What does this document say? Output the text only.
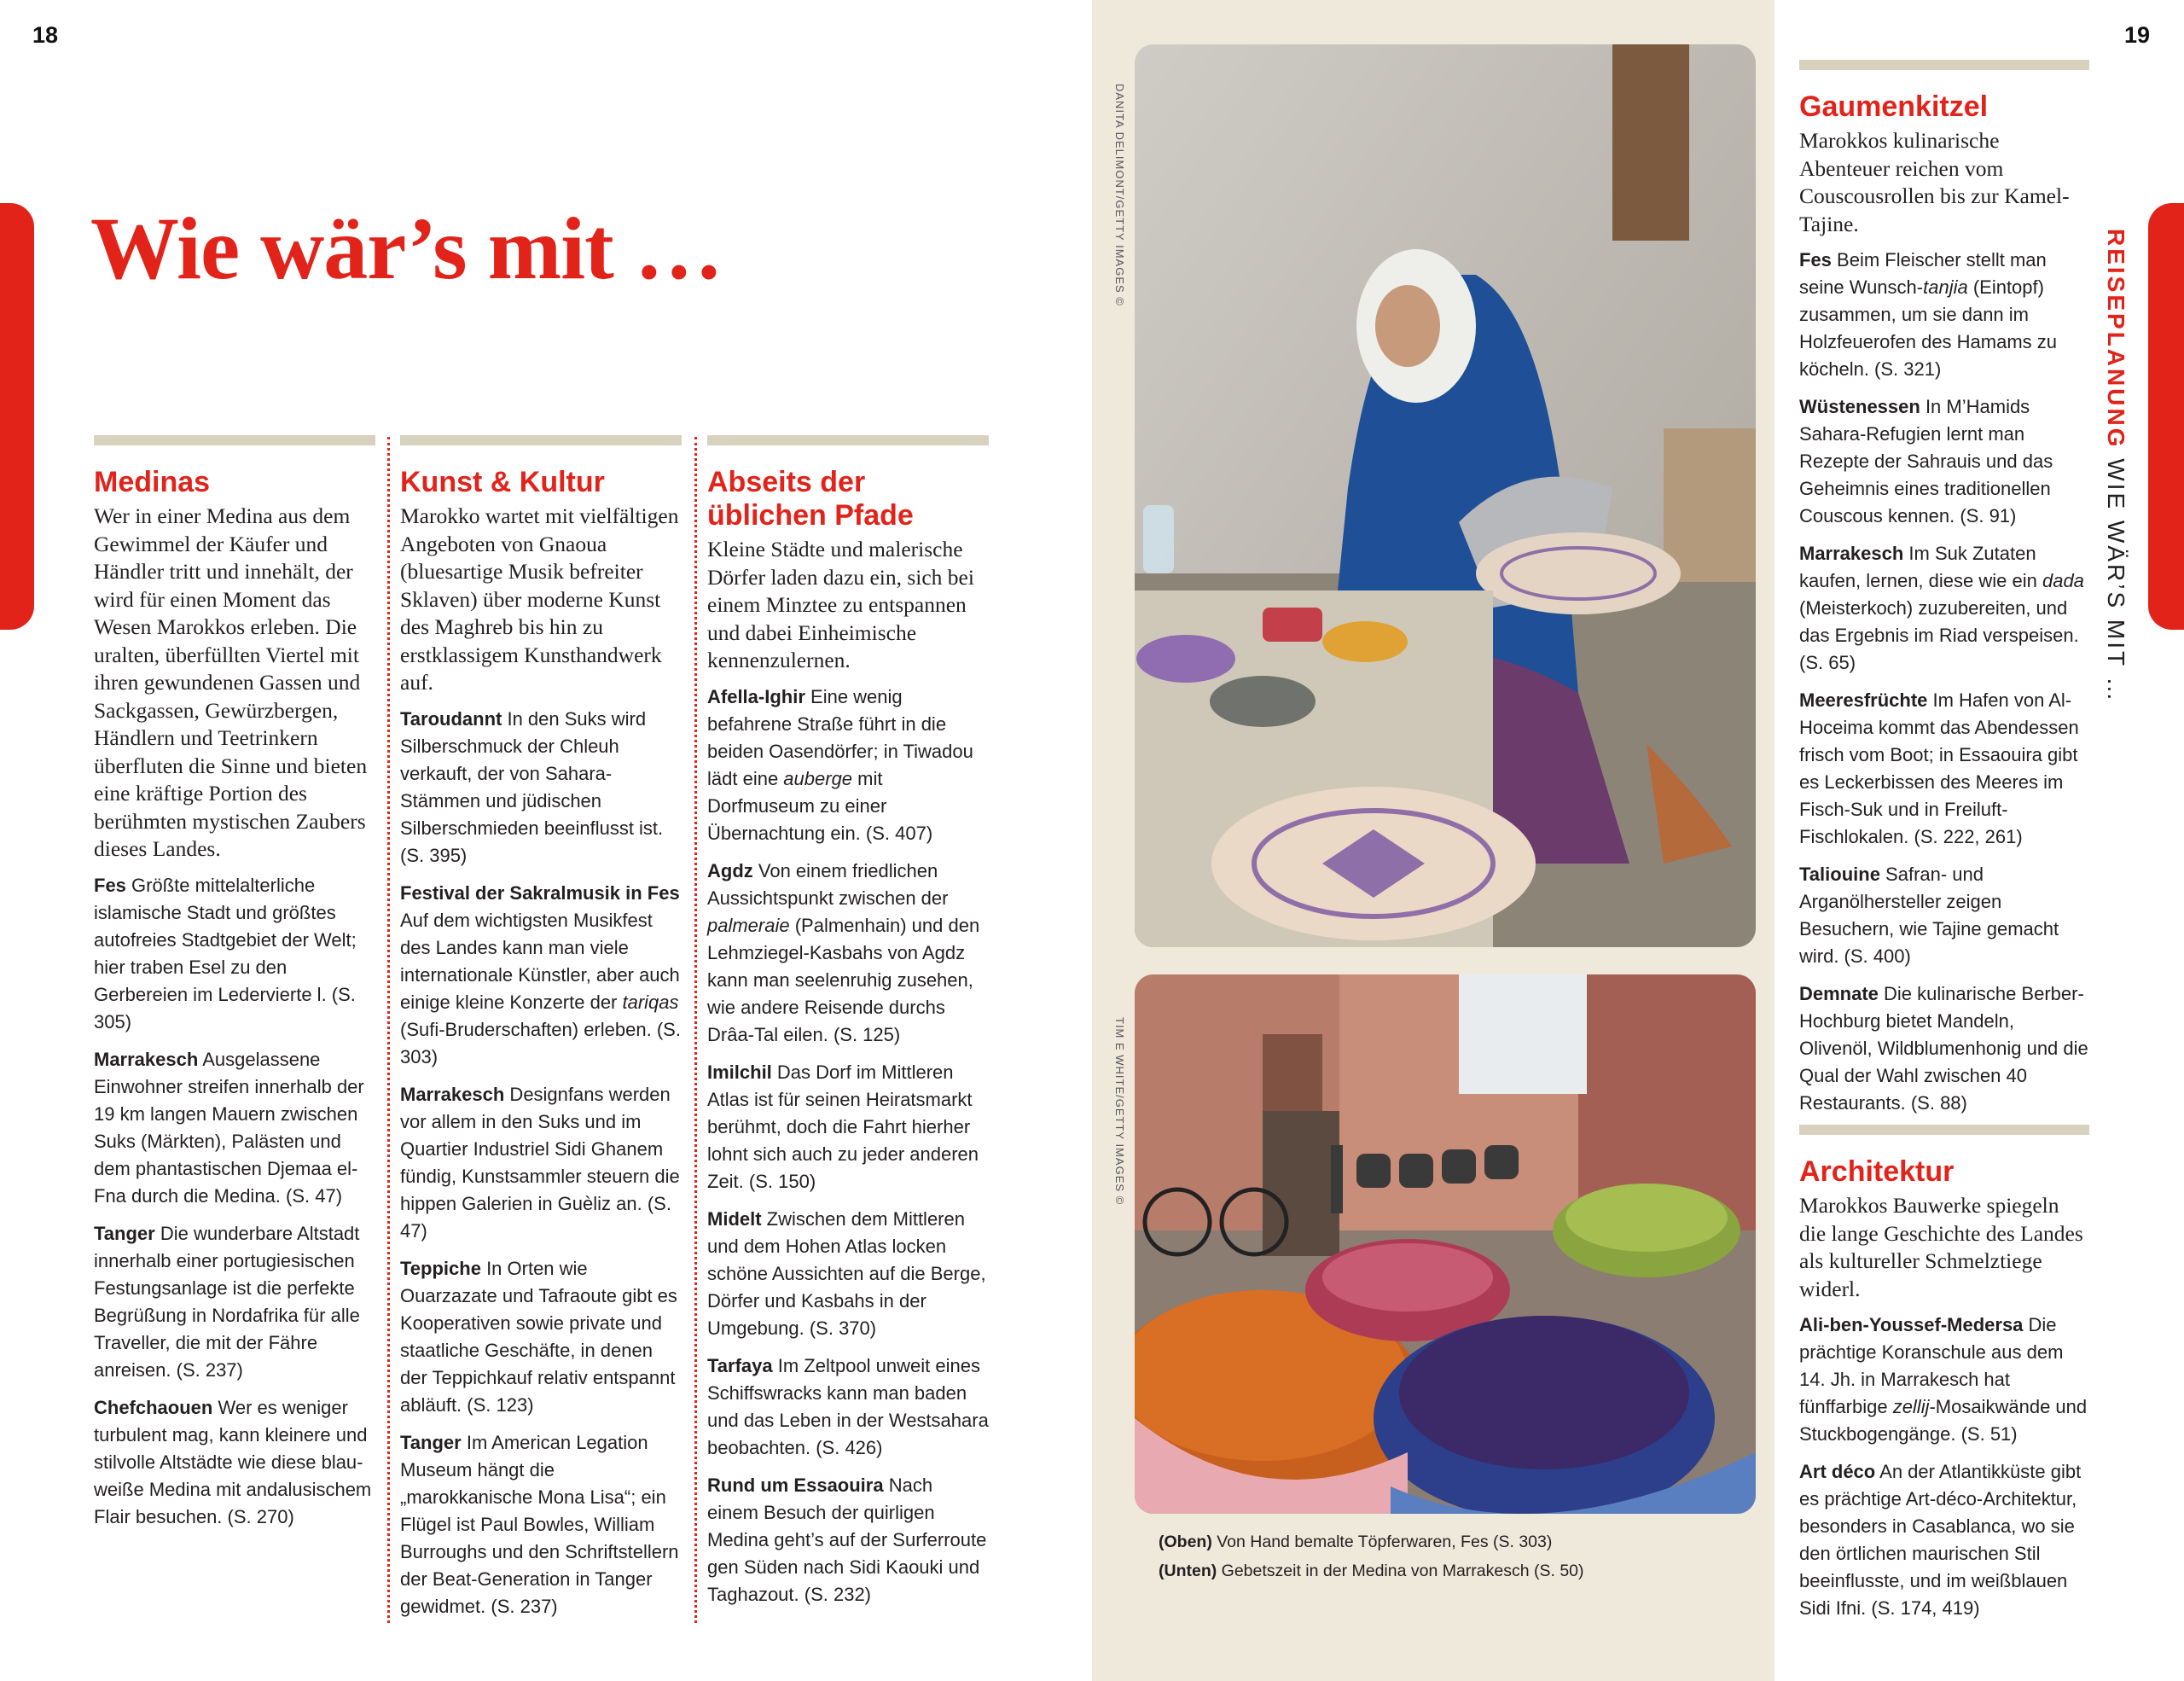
18	19
REISEPLANUNG WIE WÄR’S MIT …
Wie wär’s mit …
Medinas

Wer in einer Medina aus dem Gewimmel der Käufer und Händler tritt und innehält, der wird für einen Moment das Wesen Marokkos erleben. Die uralten, überfüllten Viertel mit ihren gewundenen Gassen und Sackgassen, Gewürzbergen, Händlern und Teetrinkern überfluten die Sinne und bieten eine kräftige Portion des berühmten mystischen Zaubers dieses Landes.

Fes Größte mittelalterliche islamische Stadt und größtes autofreies Stadtgebiet der Welt; hier traben Esel zu den Gerbereien im Ledervierte l. (S. 305)

Marrakesch Ausgelassene Einwohner streifen innerhalb der 19 km langen Mauern zwischen Suks (Märkten), Palästen und dem phantastischen Djemaa el-Fna durch die Medina. (S. 47)

Tanger Die wunderbare Altstadt innerhalb einer portugiesischen Festungsanlage ist die perfekte Begrüßung in Nordafrika für alle Traveller, die mit der Fähre anreisen. (S. 237)

Chefchaouen Wer es weniger turbulent mag, kann kleinere und stilvolle Altstädte wie diese blau-weiße Medina mit andalusischem Flair besuchen. (S. 270)

Kunst & Kultur

Marokko wartet mit vielfältigen Angeboten von Gnaoua (bluesartige Musik befreiter Sklaven) über moderne Kunst des Maghreb bis hin zu erstklassigem Kunsthandwerk auf.

Taroudannt In den Suks wird Silberschmuck der Chleuh verkauft, der von Sahara-Stämmen und jüdischen Silberschmieden beeinflusst ist. (S. 395)

Festival der Sakralmusik in Fes Auf dem wichtigsten Musikfest des Landes kann man viele internationale Künstler, aber auch einige kleine Konzerte der tariqas (Sufi-Bruderschaften) erleben. (S. 303)

Marrakesch Designfans werden vor allem in den Suks und im Quartier Industriel Sidi Ghanem fündig, Kunstsammler steuern die hippen Galerien in Guèliz an. (S. 47)

Teppiche In Orten wie Ouarzazate und Tafraoute gibt es Kooperativen sowie private und staatliche Geschäfte, in denen der Teppichkauf relativ entspannt abläuft. (S. 123)

Tanger Im American Legation Museum hängt die „marokkanische Mona Lisa“; ein Flügel ist Paul Bowles, William Burroughs und den Schriftstellern der Beat-Generation in Tanger gewidmet. (S. 237)

Abseits der üblichen Pfade

Kleine Städte und malerische Dörfer laden dazu ein, sich bei einem Minztee zu entspannen und dabei Einheimische kennenzulernen.

Afella-Ighir Eine wenig befahrene Straße führt in die beiden Oasendörfer; in Tiwadou lädt eine auberge mit Dorfmuseum zu einer Übernachtung ein. (S. 407)

Agdz Von einem friedlichen Aussichtspunkt zwischen der palmeraie (Palmenhain) und den Lehmziegel-Kasbahs von Agdz kann man seelenruhig zusehen, wie andere Reisende durchs Drâa-Tal eilen. (S. 125)

Imilchil Das Dorf im Mittleren Atlas ist für seinen Heiratsmarkt berühmt, doch die Fahrt hierher lohnt sich auch zu jeder anderen Zeit. (S. 150)

Midelt Zwischen dem Mittleren und dem Hohen Atlas locken schöne Aussichten auf die Berge, Dörfer und Kasbahs in der Umgebung. (S. 370)

Tarfaya Im Zeltpool unweit eines Schiffswracks kann man baden und das Leben in der Westsahara beobachten. (S. 426)

Rund um Essaouira Nach einem Besuch der quirligen Medina geht’s auf der Surferroute gen Süden nach Sidi Kaouki und Taghazout. (S. 232)

DANITA DELIMONT/GETTY IMAGES ©
TIM E WHITE/GETTY IMAGES ©
(Oben) Von Hand bemalte Töpferwaren, Fes (S. 303)
(Unten) Gebetszeit in der Medina von Marrakesch (S. 50)
Gaumenkitzel

Marokkos kulinarische Abenteuer reichen vom Couscousrollen bis zur Kamel-Tajine.

Fes Beim Fleischer stellt man seine Wunsch-tanjia (Eintopf) zusammen, um sie dann im Holzfeuerofen des Hamams zu köcheln. (S. 321)

Wüstenessen In M’Hamids Sahara-Refugien lernt man Rezepte der Sahrauis und das Geheimnis eines traditionellen Couscous kennen. (S. 91)

Marrakesch Im Suk Zutaten kaufen, lernen, diese wie ein dada (Meisterkoch) zuzubereiten, und das Ergebnis im Riad verspeisen. (S. 65)

Meeresfrüchte Im Hafen von Al-Hoceima kommt das Abendessen frisch vom Boot; in Essaouira gibt es Leckerbissen des Meeres im Fisch-Suk und in Freiluft-Fischlokalen. (S. 222, 261)

Taliouine Safran- und Arganölhersteller zeigen Besuchern, wie Tajine gemacht wird. (S. 400)

Demnate Die kulinarische Berber-Hochburg bietet Mandeln, Olivenöl, Wildblumenhonig und die Qual der Wahl zwischen 40 Restaurants. (S. 88)

Architektur

Marokkos Bauwerke spiegeln die lange Geschichte des Landes als kultureller Schmelztiege widerl.

Ali-ben-Youssef-Medersa Die prächtige Koranschule aus dem 14. Jh. in Marrakesch hat fünffarbige zellij-Mosaikwände und Stuckbogengänge. (S. 51)

Art déco An der Atlantikküste gibt es prächtige Art-déco-Architektur, besonders in Casablanca, wo sie den örtlichen maurischen Stil beeinflusste, und im weißblauen Sidi Ifni. (S. 174, 419)
